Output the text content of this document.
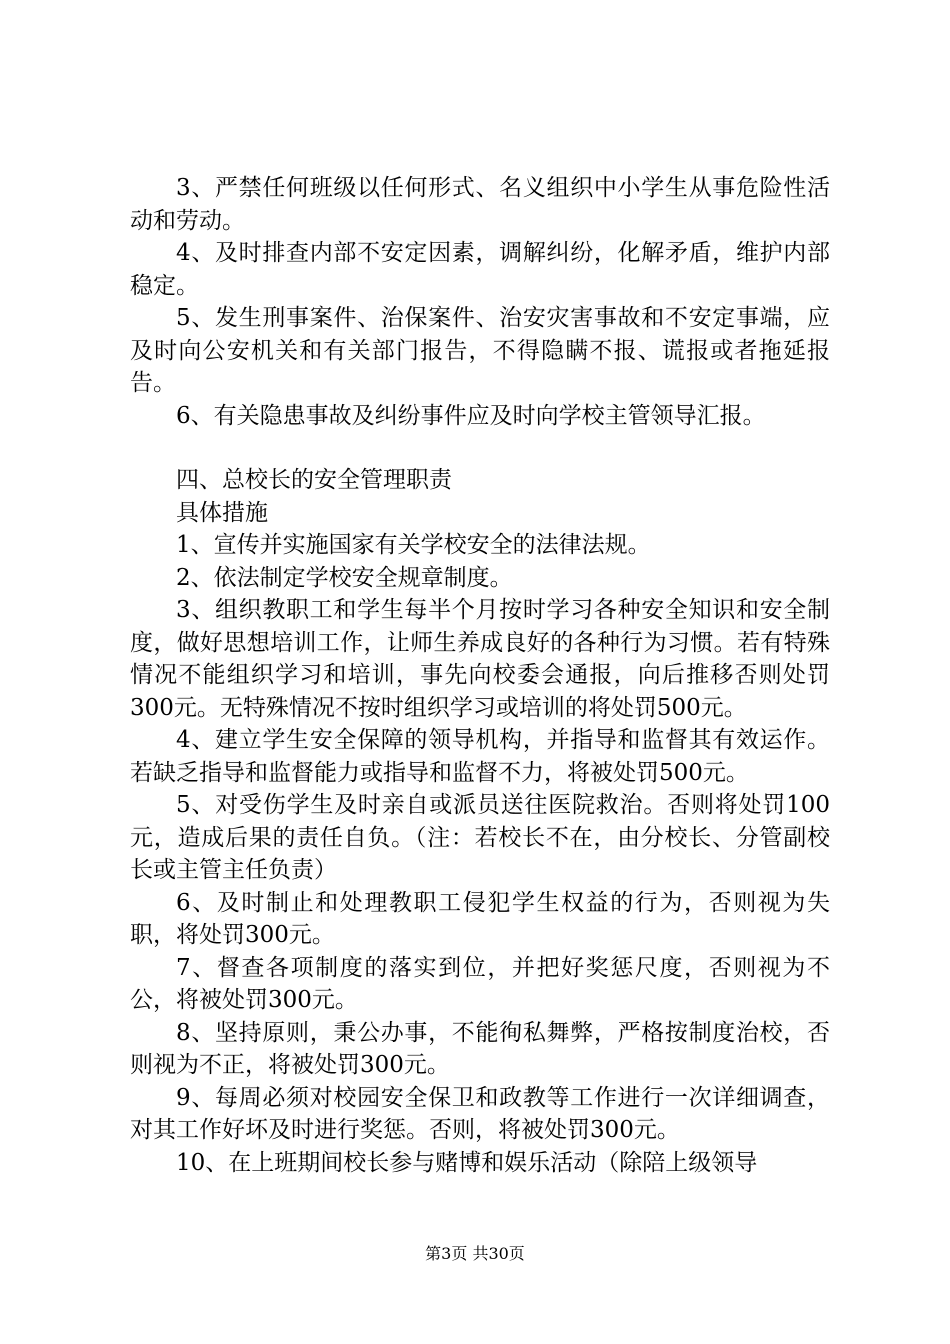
3、严禁任何班级以任何形式、名义组织中小学生从事危险性活动和劳动。

4、及时排查内部不安定因素，调解纠纷，化解矛盾，维护内部稳定。

5、发生刑事案件、治保案件、治安灾害事故和不安定事端，应及时向公安机关和有关部门报告，不得隐瞒不报、谎报或者拖延报告。

6、有关隐患事故及纠纷事件应及时向学校主管领导汇报。

四、总校长的安全管理职责

具体措施

1、宣传并实施国家有关学校安全的法律法规。

2、依法制定学校安全规章制度。

3、组织教职工和学生每半个月按时学习各种安全知识和安全制度，做好思想培训工作，让师生养成良好的各种行为习惯。若有特殊情况不能组织学习和培训，事先向校委会通报，向后推移否则处罚300元。无特殊情况不按时组织学习或培训的将处罚500元。

4、建立学生安全保障的领导机构，并指导和监督其有效运作。若缺乏指导和监督能力或指导和监督不力，将被处罚500元。

5、对受伤学生及时亲自或派员送往医院救治。否则将处罚100元，造成后果的责任自负。（注：若校长不在，由分校长、分管副校长或主管主任负责）

6、及时制止和处理教职工侵犯学生权益的行为，否则视为失职，将处罚300元。

7、督查各项制度的落实到位，并把好奖惩尺度，否则视为不公，将被处罚300元。

8、坚持原则，秉公办事，不能徇私舞弊，严格按制度治校，否则视为不正，将被处罚300元。

9、每周必须对校园安全保卫和政教等工作进行一次详细调查，对其工作好坏及时进行奖惩。否则，将被处罚300元。

10、在上班期间校长参与赌博和娱乐活动（除陪上级领导

第3页 共30页
